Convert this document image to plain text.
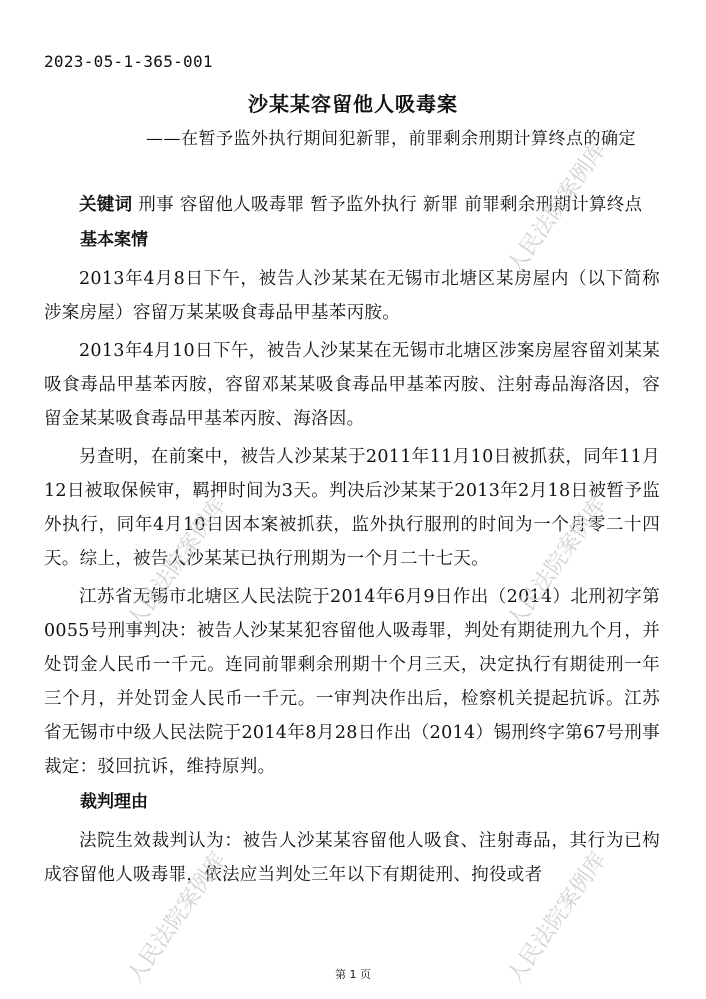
2023-05-1-365-001
沙某某容留他人吸毒案
——在暂予监外执行期间犯新罪，前罪剩余刑期计算终点的确定

关键词 刑事 容留他人吸毒罪 暂予监外执行 新罪 前罪剩余刑期计算终点

基本案情

2013年4月8日下午，被告人沙某某在无锡市北塘区某房屋内（以下简称涉案房屋）容留万某某吸食毒品甲基苯丙胺。

2013年4月10日下午，被告人沙某某在无锡市北塘区涉案房屋容留刘某某吸食毒品甲基苯丙胺，容留邓某某吸食毒品甲基苯丙胺、注射毒品海洛因，容留金某某吸食毒品甲基苯丙胺、海洛因。

另查明，在前案中，被告人沙某某于2011年11月10日被抓获，同年11月12日被取保候审，羁押时间为3天。判决后沙某某于2013年2月18日被暂予监外执行，同年4月10日因本案被抓获，监外执行服刑的时间为一个月零二十四天。综上，被告人沙某某已执行刑期为一个月二十七天。

江苏省无锡市北塘区人民法院于2014年6月9日作出（2014）北刑初字第0055号刑事判决：被告人沙某某犯容留他人吸毒罪，判处有期徒刑九个月，并处罚金人民币一千元。连同前罪剩余刑期十个月三天，决定执行有期徒刑一年三个月，并处罚金人民币一千元。一审判决作出后，检察机关提起抗诉。江苏省无锡市中级人民法院于2014年8月28日作出（2014）锡刑终字第67号刑事裁定：驳回抗诉，维持原判。

裁判理由

法院生效裁判认为：被告人沙某某容留他人吸食、注射毒品，其行为已构成容留他人吸毒罪，依法应当判处三年以下有期徒刑、拘役或者

人民法院案例库
人民法院案例库	人民法院案例库
人民法院案例库	人民法院案例库
第 1 页
